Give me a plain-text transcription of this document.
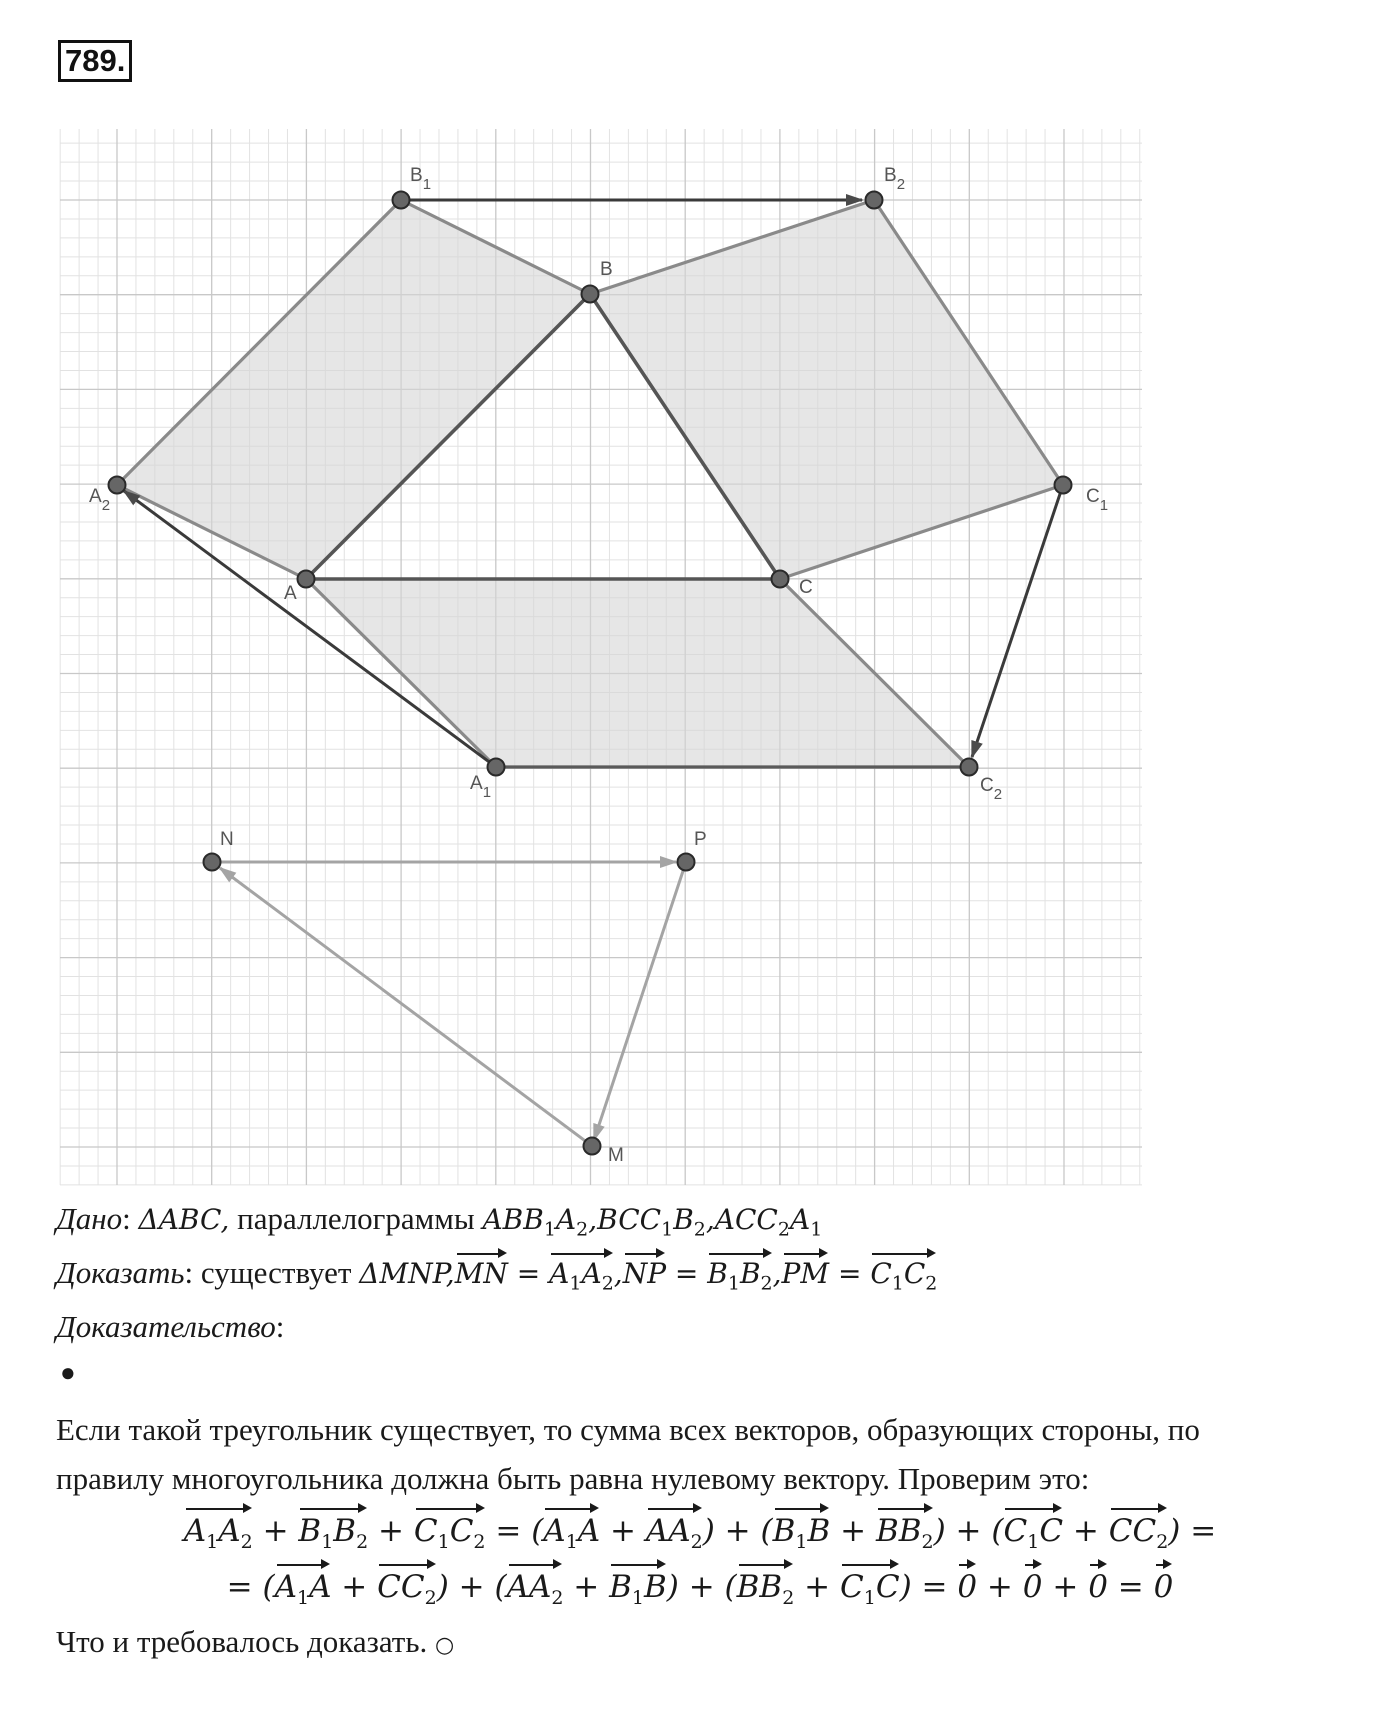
789.
$B_1$	$B_2$
B
$A_2$	$C_1$
A	C
$A_1$	$C_2$
N	P
M
Дано: ΔABC, параллелограммы $ABB_1A_2,BCC_1B_2,ACC_2A_1$
Доказать: существует $\Delta MNP,MN = A_1A_2,NP = B_1B_2,PM = C_1C_2$
Доказательство:
●
Если такой треугольник существует, то сумма всех векторов, образующих стороны, по
правилу многоугольника должна быть равна нулевому вектору. Проверим это:
$A_1A_2 + B_1B_2 + C_1C_2 = (A_1A + AA_2) + (B_1B + BB_2) + (C_1C + CC_2)$ =
= $(A_1A + CC_2) + (AA_2 + B_1B) + (BB_2 + C_1C) = 0 + 0 + 0 = 0$
Что и требовалось доказать. ○
